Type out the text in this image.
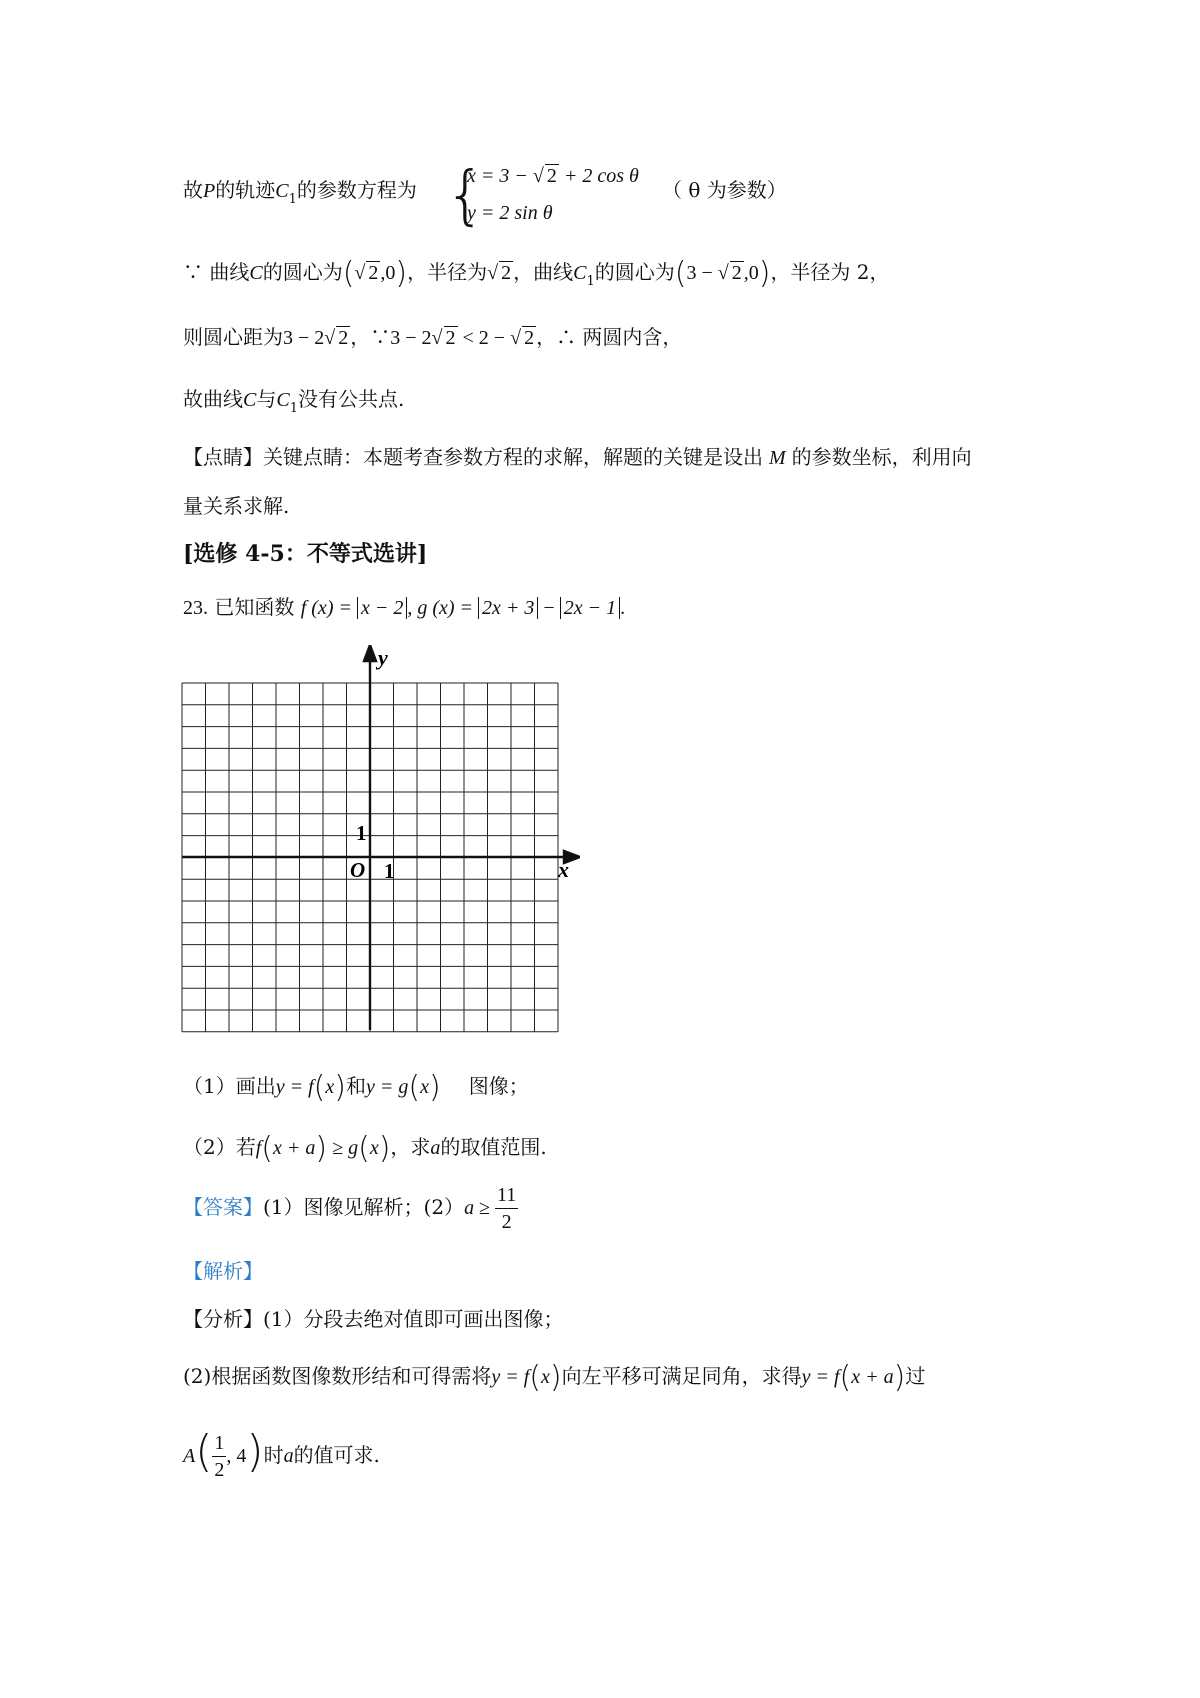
故P的轨迹$C_1$的参数方程为 {
x = 3 − √ 2 + 2 cos θ
y = 2 sin θ
（ θ 为参数）
∵ 曲线C的圆心为(√ 2 ,0)，半径为√ 2 ，曲线$C_1$的圆心为(3 − √ 2 ,0)，半径为 2，
则圆心距为3 − 2√ 2 ，∵3 − 2√ 2 < 2 − √ 2 ，∴ 两圆内含，
故曲线C与$C_1$没有公共点.
【点睛】关键点睛：本题考查参数方程的求解，解题的关键是设出 M 的参数坐标，利用向
量关系求解.
[选修 4-5：不等式选讲]
23. 已知函数 f (x) = x − 2 , g (x) = 2x + 3 − 2x − 1 .
y
x
O 1
1
（1）画出y = f(x)和y = g(x) 图像；
（2）若f(x + a) ≥ g(x)，求a的取值范围.
【答案】(1）图像见解析；$(2)a \ge \frac{11}{2}$
【解析】
【分析】(1）分段去绝对值即可画出图像；
(2)根据函数图像数形结和可得需将y = f(x)向左平移可满足同角，求得y = f(x + a)过
$A( \frac{1}{2}$ , 4)时a的值可求.
